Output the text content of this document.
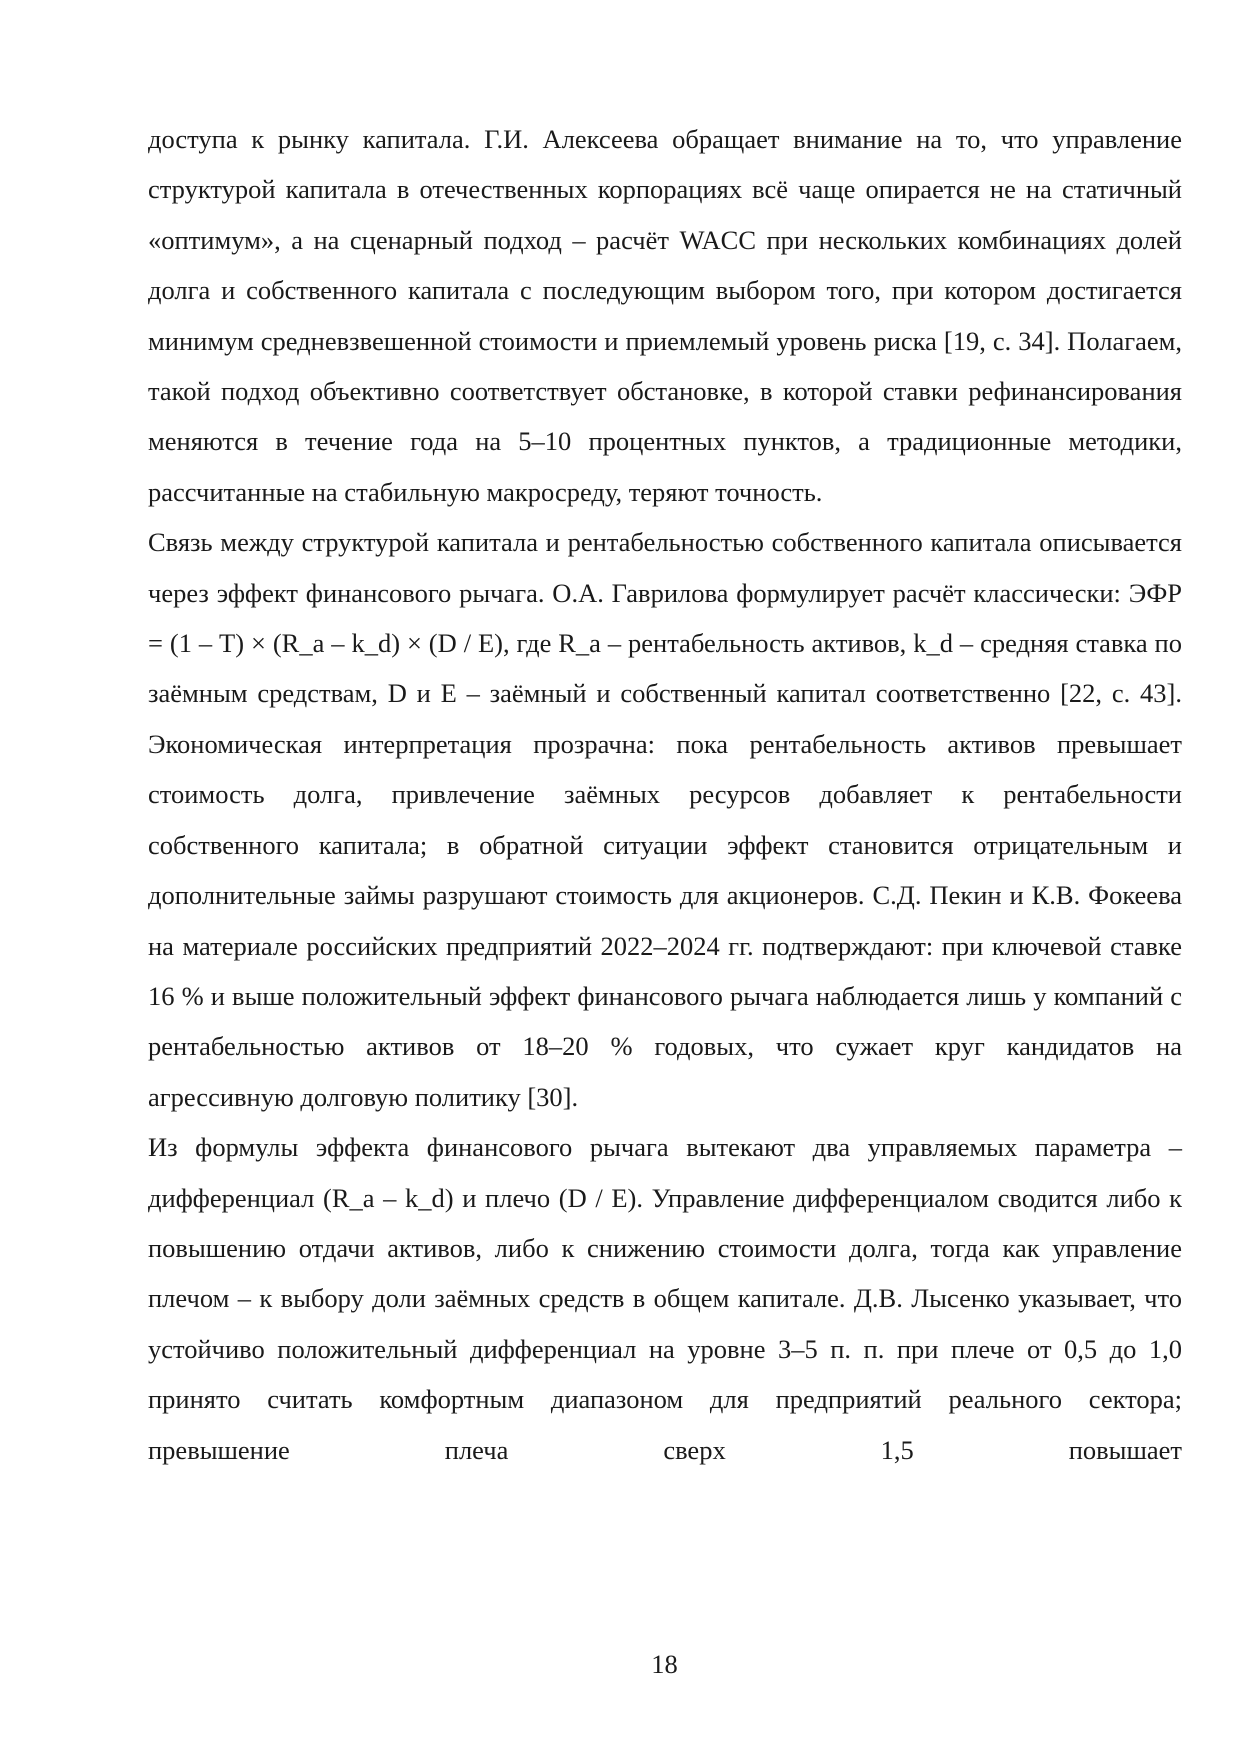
доступа к рынку капитала. Г.И. Алексеева обращает внимание на то, что управление структурой капитала в отечественных корпорациях всё чаще опирается не на статичный «оптимум», а на сценарный подход – расчёт WACC при нескольких комбинациях долей долга и собственного капитала с последующим выбором того, при котором достигается минимум средневзвешенной стоимости и приемлемый уровень риска [19, с. 34]. Полагаем, такой подход объективно соответствует обстановке, в которой ставки рефинансирования меняются в течение года на 5–10 процентных пунктов, а традиционные методики, рассчитанные на стабильную макросреду, теряют точность.

Связь между структурой капитала и рентабельностью собственного капитала описывается через эффект финансового рычага. О.А. Гаврилова формулирует расчёт классически: ЭФР = (1 – T) × (R_a – k_d) × (D / E), где R_a – рентабельность активов, k_d – средняя ставка по заёмным средствам, D и E – заёмный и собственный капитал соответственно [22, с. 43]. Экономическая интерпретация прозрачна: пока рентабельность активов превышает стоимость долга, привлечение заёмных ресурсов добавляет к рентабельности собственного капитала; в обратной ситуации эффект становится отрицательным и дополнительные займы разрушают стоимость для акционеров. С.Д. Пекин и К.В. Фокеева на материале российских предприятий 2022–2024 гг. подтверждают: при ключевой ставке 16 % и выше положительный эффект финансового рычага наблюдается лишь у компаний с рентабельностью активов от 18–20 % годовых, что сужает круг кандидатов на агрессивную долговую политику [30].

Из формулы эффекта финансового рычага вытекают два управляемых параметра – дифференциал (R_a – k_d) и плечо (D / E). Управление дифференциалом сводится либо к повышению отдачи активов, либо к снижению стоимости долга, тогда как управление плечом – к выбору доли заёмных средств в общем капитале. Д.В. Лысенко указывает, что устойчиво положительный дифференциал на уровне 3–5 п. п. при плече от 0,5 до 1,0 принято считать комфортным диапазоном для предприятий реального сектора; превышение плеча сверх 1,5 повышает

18
